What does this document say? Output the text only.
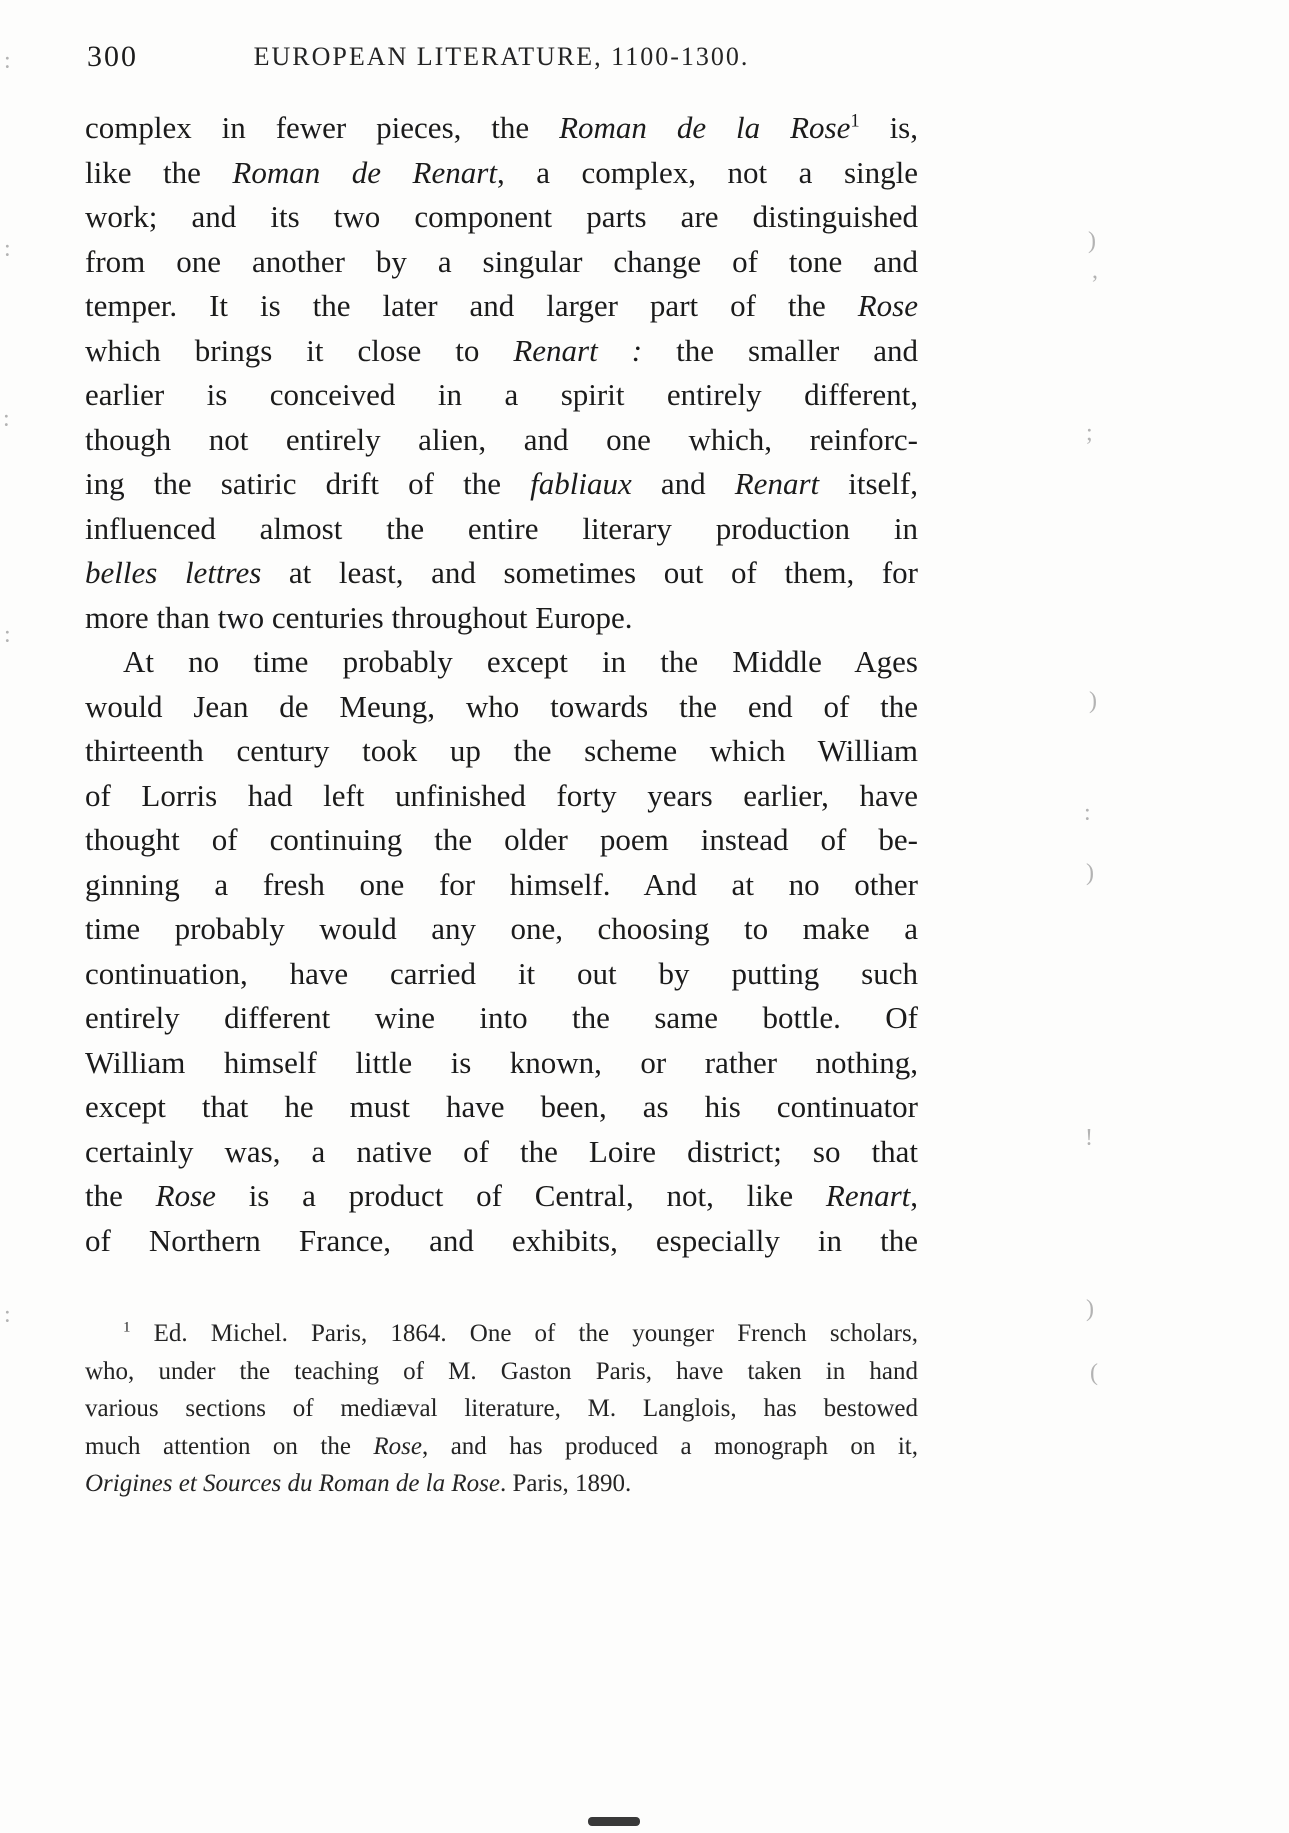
300	EUROPEAN LITERATURE, 1100-1300.
complex in fewer pieces, the Roman de la Rose$^1$ is,
like the Roman de Renart, a complex, not a single
work; and its two component parts are distinguished
from one another by a singular change of tone and
temper. It is the later and larger part of the Rose
which brings it close to Renart : the smaller and
earlier is conceived in a spirit entirely different,
though not entirely alien, and one which, reinforc-
ing the satiric drift of the fabliaux and Renart itself,
influenced almost the entire literary production in
belles lettres at least, and sometimes out of them, for
more than two centuries throughout Europe.
At no time probably except in the Middle Ages
would Jean de Meung, who towards the end of the
thirteenth century took up the scheme which William
of Lorris had left unfinished forty years earlier, have
thought of continuing the older poem instead of be-
ginning a fresh one for himself. And at no other
time probably would any one, choosing to make a
continuation, have carried it out by putting such
entirely different wine into the same bottle. Of
William himself little is known, or rather nothing,
except that he must have been, as his continuator
certainly was, a native of the Loire district; so that
the Rose is a product of Central, not, like Renart,
of Northern France, and exhibits, especially in the
$^1$ Ed. Michel. Paris, 1864. One of the younger French scholars,
who, under the teaching of M. Gaston Paris, have taken in hand
various sections of mediæval literature, M. Langlois, has bestowed
much attention on the Rose, and has produced a monograph on it,
Origines et Sources du Roman de la Rose. Paris, 1890.
)
,
;
)
:
)
!
)
(
:
:
:
:
:
